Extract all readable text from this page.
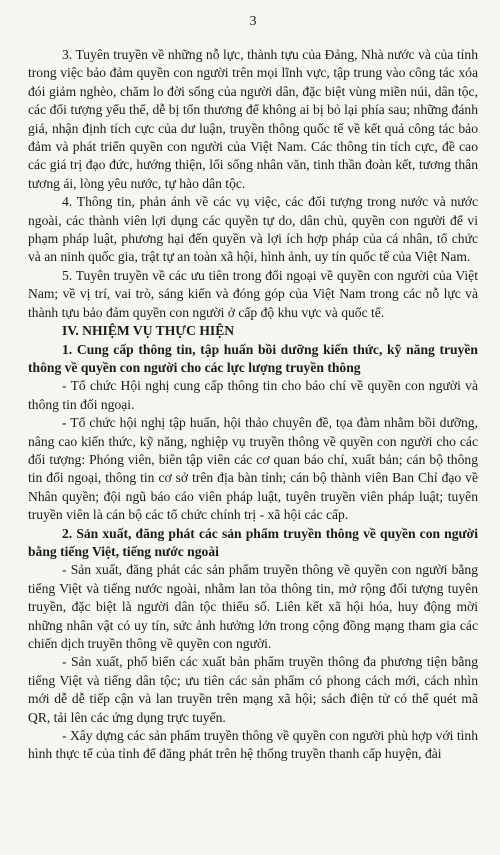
3

3. Tuyên truyền về những nỗ lực, thành tựu của Đảng, Nhà nước và của tỉnh trong việc bảo đảm quyền con người trên mọi lĩnh vực, tập trung vào công tác xóa đói giảm nghèo, chăm lo đời sống của người dân, đặc biệt vùng miền núi, dân tộc, các đối tượng yếu thế, dễ bị tổn thương để không ai bị bỏ lại phía sau; những đánh giá, nhận định tích cực của dư luận, truyền thông quốc tế về kết quả công tác bảo đảm và phát triển quyền con người của Việt Nam. Các thông tin tích cực, đề cao các giá trị đạo đức, hướng thiện, lối sống nhân văn, tinh thần đoàn kết, tương thân tương ái, lòng yêu nước, tự hào dân tộc.

4. Thông tin, phản ánh về các vụ việc, các đối tượng trong nước và nước ngoài, các thành viên lợi dụng các quyền tự do, dân chủ, quyền con người để vi phạm pháp luật, phương hại đến quyền và lợi ích hợp pháp của cá nhân, tổ chức và an ninh quốc gia, trật tự an toàn xã hội, hình ảnh, uy tín quốc tế của Việt Nam.

5. Tuyên truyền về các ưu tiên trong đối ngoại về quyền con người của Việt Nam; về vị trí, vai trò, sáng kiến và đóng góp của Việt Nam trong các nỗ lực và thành tựu bảo đảm quyền con người ở cấp độ khu vực và quốc tế.

IV. NHIỆM VỤ THỰC HIỆN

1. Cung cấp thông tin, tập huấn bồi dưỡng kiến thức, kỹ năng truyền thông về quyền con người cho các lực lượng truyền thông

- Tổ chức Hội nghị cung cấp thông tin cho báo chí về quyền con người và thông tin đối ngoại.

- Tổ chức hội nghị tập huấn, hội thảo chuyên đề, tọa đàm nhằm bồi dưỡng, nâng cao kiến thức, kỹ năng, nghiệp vụ truyền thông về quyền con người cho các đối tượng: Phóng viên, biên tập viên các cơ quan báo chí, xuất bản; cán bộ thông tin đối ngoại, thông tin cơ sở trên địa bàn tỉnh; cán bộ thành viên Ban Chỉ đạo về Nhân quyền; đội ngũ báo cáo viên pháp luật, tuyên truyền viên pháp luật; tuyên truyền viên là cán bộ các tổ chức chính trị - xã hội các cấp.

2. Sản xuất, đăng phát các sản phẩm truyền thông về quyền con người bằng tiếng Việt, tiếng nước ngoài

- Sản xuất, đăng phát các sản phẩm truyền thông về quyền con người bằng tiếng Việt và tiếng nước ngoài, nhằm lan tỏa thông tin, mở rộng đối tượng tuyên truyền, đặc biệt là người dân tộc thiểu số. Liên kết xã hội hóa, huy động mời những nhân vật có uy tín, sức ảnh hưởng lớn trong cộng đồng mạng tham gia các chiến dịch truyền thông về quyền con người.

- Sản xuất, phổ biến các xuất bản phẩm truyền thông đa phương tiện bằng tiếng Việt và tiếng dân tộc; ưu tiên các sản phẩm có phong cách mới, cách nhìn mới dễ dễ tiếp cận và lan truyền trên mạng xã hội; sách điện tử có thể quét mã QR, tải lên các ứng dụng trực tuyến.

- Xây dựng các sản phẩm truyền thông về quyền con người phù hợp với tình hình thực tế của tỉnh để đăng phát trên hệ thống truyền thanh cấp huyện, đài
